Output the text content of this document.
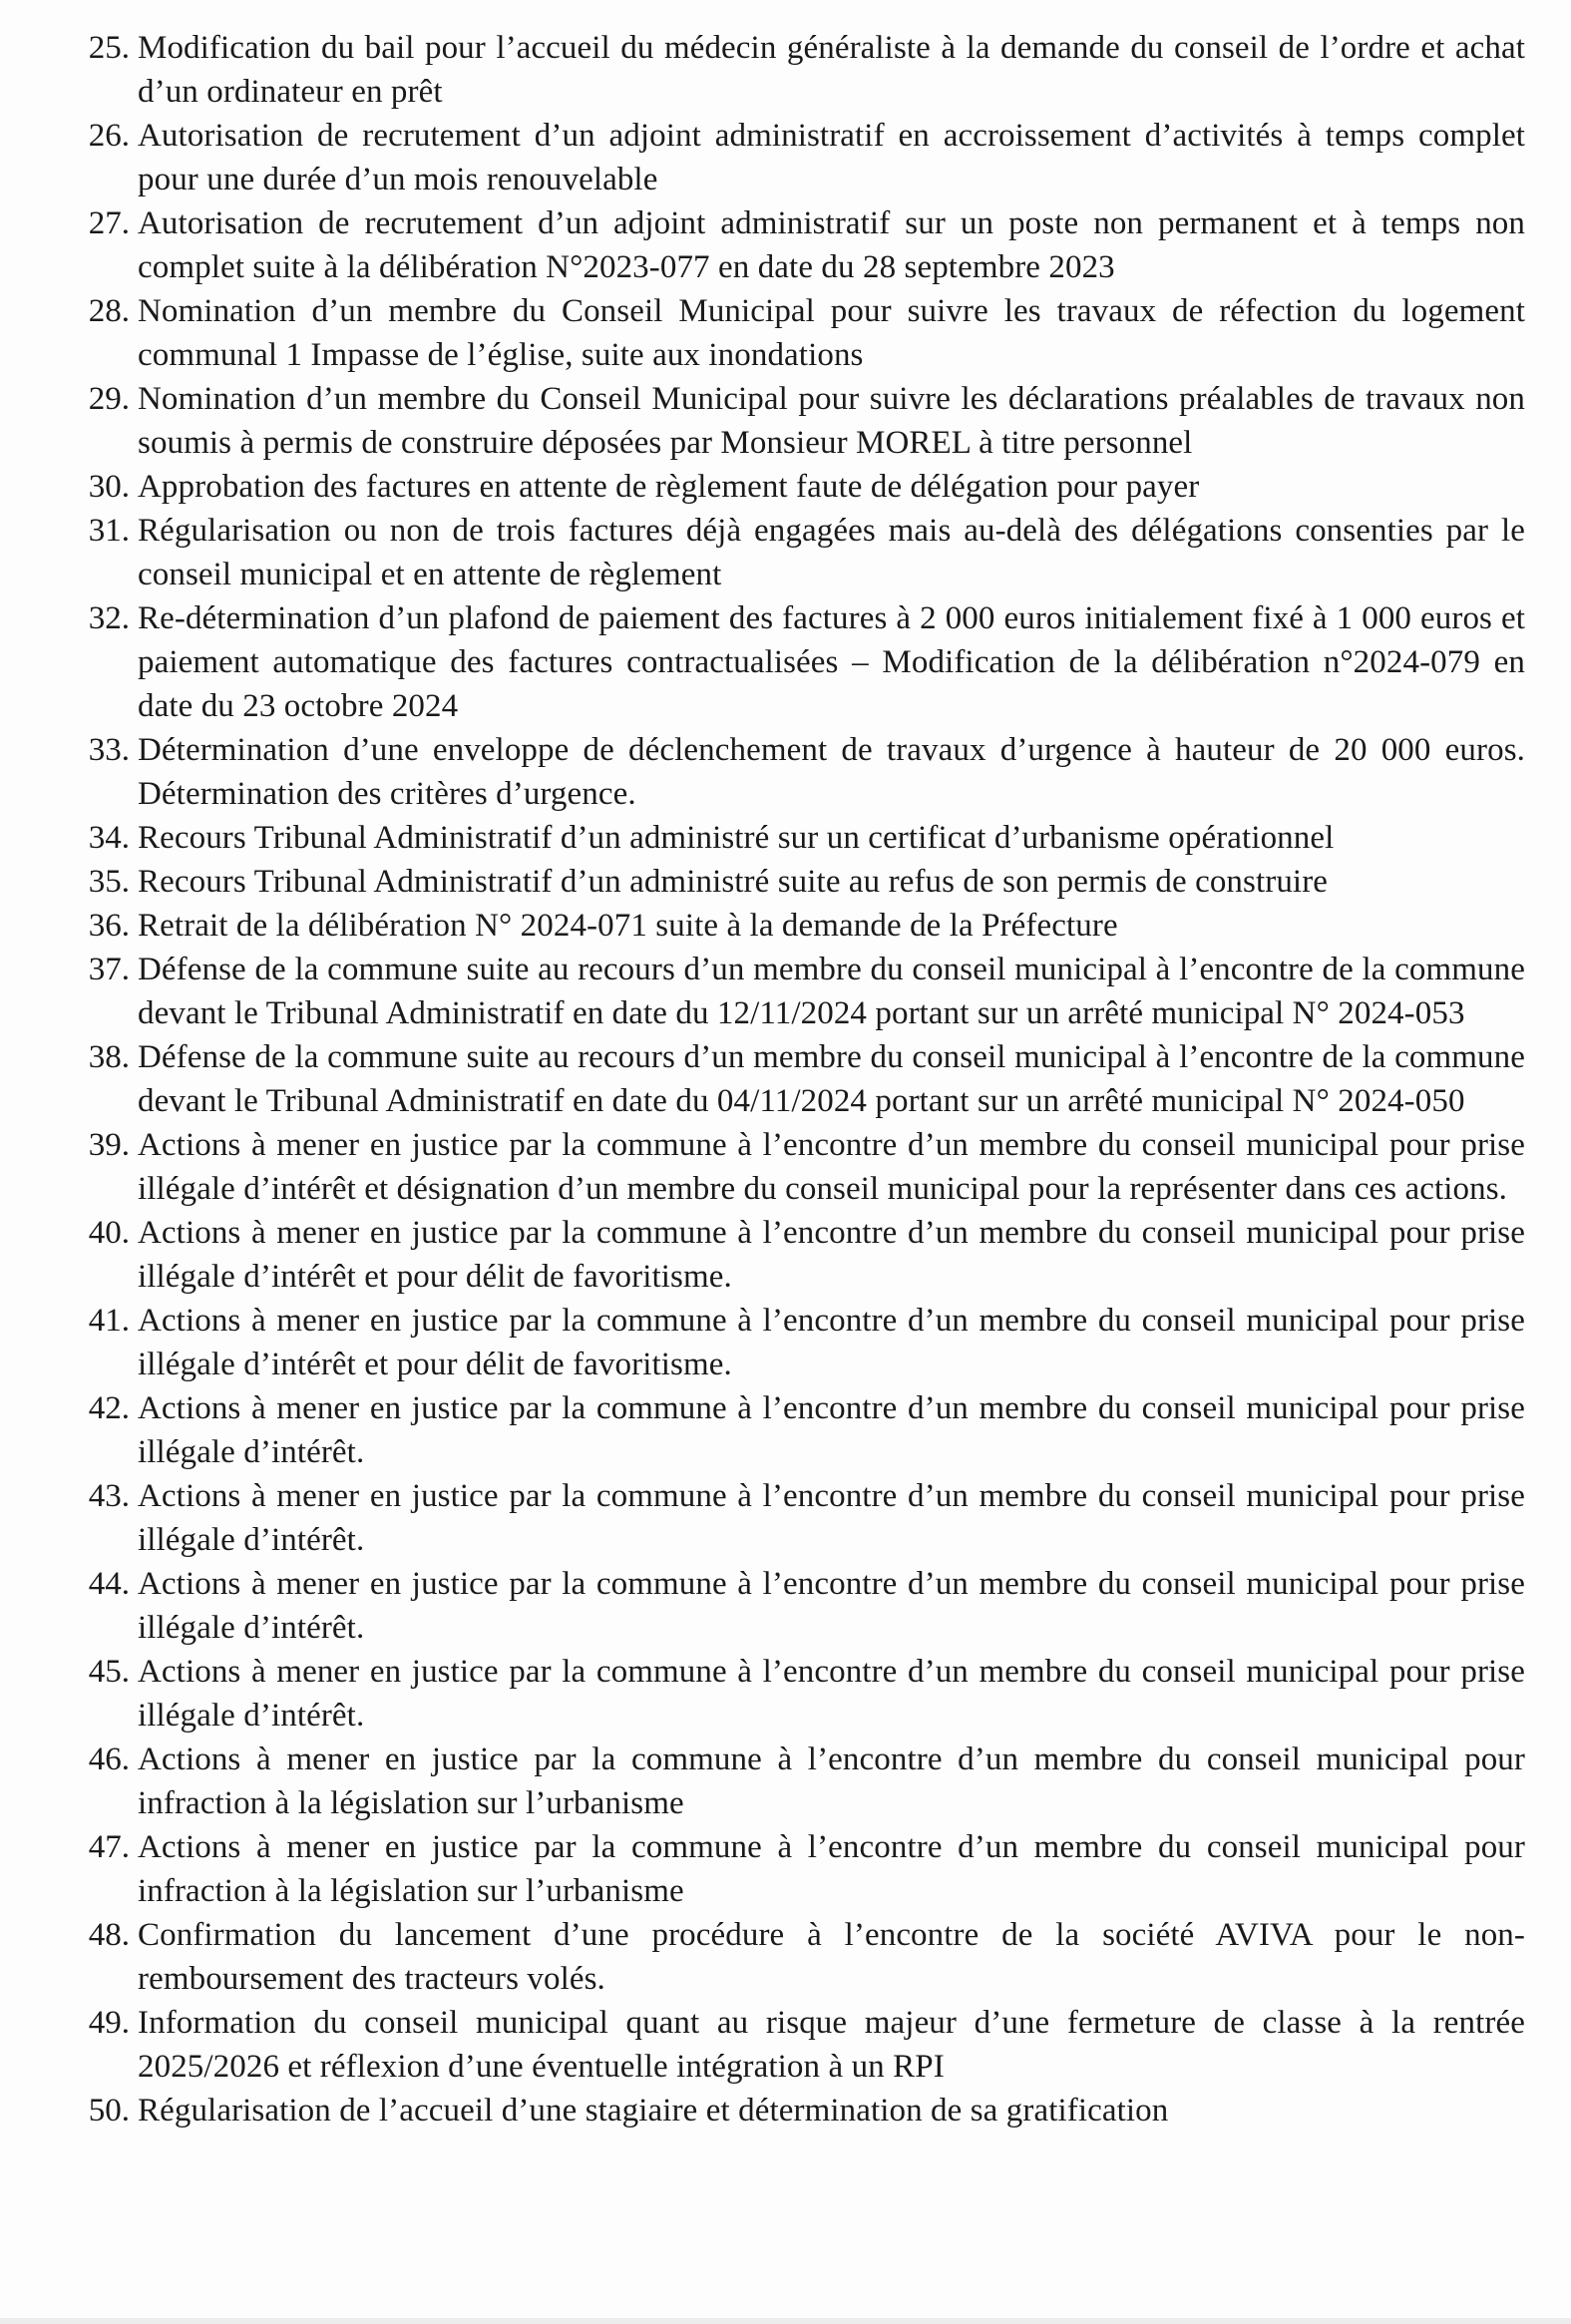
25. Modification du bail pour l’accueil du médecin généraliste à la demande du conseil de l’ordre et achat d’un ordinateur en prêt
26. Autorisation de recrutement d’un adjoint administratif en accroissement d’activités à temps complet pour une durée d’un mois renouvelable
27. Autorisation de recrutement d’un adjoint administratif sur un poste non permanent et à temps non complet suite à la délibération N°2023-077 en date du 28 septembre 2023
28. Nomination d’un membre du Conseil Municipal pour suivre les travaux de réfection du logement communal 1 Impasse de l’église, suite aux inondations
29. Nomination d’un membre du Conseil Municipal pour suivre les déclarations préalables de travaux non soumis à permis de construire déposées par Monsieur MOREL à titre personnel
30. Approbation des factures en attente de règlement faute de délégation pour payer
31. Régularisation ou non de trois factures déjà engagées mais au-delà des délégations consenties par le conseil municipal et en attente de règlement
32. Re-détermination d’un plafond de paiement des factures à 2 000 euros initialement fixé à 1 000 euros et paiement automatique des factures contractualisées – Modification de la délibération n°2024-079 en date du 23 octobre 2024
33. Détermination d’une enveloppe de déclenchement de travaux d’urgence à hauteur de 20 000 euros. Détermination des critères d’urgence.
34. Recours Tribunal Administratif d’un administré sur un certificat d’urbanisme opérationnel
35. Recours Tribunal Administratif d’un administré suite au refus de son permis de construire
36. Retrait de la délibération N° 2024-071 suite à la demande de la Préfecture
37. Défense de la commune suite au recours d’un membre du conseil municipal à l’encontre de la commune devant le Tribunal Administratif en date du 12/11/2024 portant sur un arrêté municipal N° 2024-053
38. Défense de la commune suite au recours d’un membre du conseil municipal à l’encontre de la commune devant le Tribunal Administratif en date du 04/11/2024 portant sur un arrêté municipal N° 2024-050
39. Actions à mener en justice par la commune à l’encontre d’un membre du conseil municipal pour prise illégale d’intérêt et désignation d’un membre du conseil municipal pour la représenter dans ces actions.
40. Actions à mener en justice par la commune à l’encontre d’un membre du conseil municipal pour prise illégale d’intérêt et pour délit de favoritisme.
41. Actions à mener en justice par la commune à l’encontre d’un membre du conseil municipal pour prise illégale d’intérêt et pour délit de favoritisme.
42. Actions à mener en justice par la commune à l’encontre d’un membre du conseil municipal pour prise illégale d’intérêt.
43. Actions à mener en justice par la commune à l’encontre d’un membre du conseil municipal pour prise illégale d’intérêt.
44. Actions à mener en justice par la commune à l’encontre d’un membre du conseil municipal pour prise illégale d’intérêt.
45. Actions à mener en justice par la commune à l’encontre d’un membre du conseil municipal pour prise illégale d’intérêt.
46. Actions à mener en justice par la commune à l’encontre d’un membre du conseil municipal pour infraction à la législation sur l’urbanisme
47. Actions à mener en justice par la commune à l’encontre d’un membre du conseil municipal pour infraction à la législation sur l’urbanisme
48. Confirmation du lancement d’une procédure à l’encontre de la société AVIVA pour le non-remboursement des tracteurs volés.
49. Information du conseil municipal quant au risque majeur d’une fermeture de classe à la rentrée 2025/2026 et réflexion d’une éventuelle intégration à un RPI
50. Régularisation de l’accueil d’une stagiaire et détermination de sa gratification
